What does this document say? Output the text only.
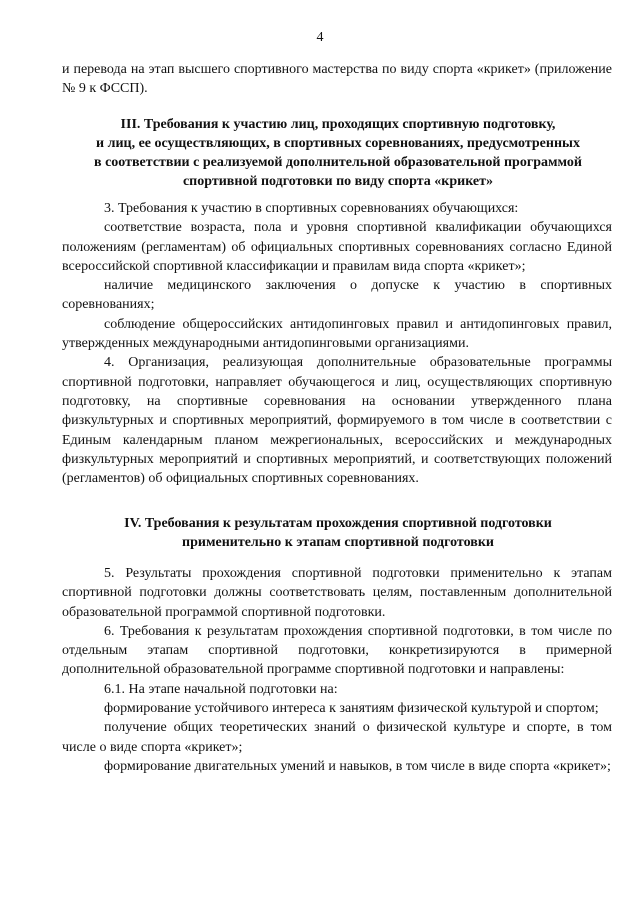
4

и перевода на этап высшего спортивного мастерства по виду спорта «крикет» (приложение № 9 к ФССП).

III. Требования к участию лиц, проходящих спортивную подготовку,

и лиц, ее осуществляющих, в спортивных соревнованиях, предусмотренных

в соответствии с реализуемой дополнительной образовательной программой

спортивной подготовки по виду спорта «крикет»

3. Требования к участию в спортивных соревнованиях обучающихся:

соответствие возраста, пола и уровня спортивной квалификации обучающихся положениям (регламентам) об официальных спортивных соревнованиях согласно Единой всероссийской спортивной классификации и правилам вида спорта «крикет»;

наличие медицинского заключения о допуске к участию в спортивных соревнованиях;

соблюдение общероссийских антидопинговых правил и антидопинговых правил, утвержденных международными антидопинговыми организациями.

4. Организация, реализующая дополнительные образовательные программы спортивной подготовки, направляет обучающегося и лиц, осуществляющих спортивную подготовку, на спортивные соревнования на основании утвержденного плана физкультурных и спортивных мероприятий, формируемого в том числе в соответствии с Единым календарным планом межрегиональных, всероссийских и международных физкультурных мероприятий и спортивных мероприятий, и соответствующих положений (регламентов) об официальных спортивных соревнованиях.

IV. Требования к результатам прохождения спортивной подготовки

применительно к этапам спортивной подготовки

5. Результаты прохождения спортивной подготовки применительно к этапам спортивной подготовки должны соответствовать целям, поставленным дополнительной образовательной программой спортивной подготовки.

6. Требования к результатам прохождения спортивной подготовки, в том числе по отдельным этапам спортивной подготовки, конкретизируются в примерной дополнительной образовательной программе спортивной подготовки и направлены:

6.1. На этапе начальной подготовки на:

формирование устойчивого интереса к занятиям физической культурой и спортом;

получение общих теоретических знаний о физической культуре и спорте, в том числе о виде спорта «крикет»;

формирование двигательных умений и навыков, в том числе в виде спорта «крикет»;
